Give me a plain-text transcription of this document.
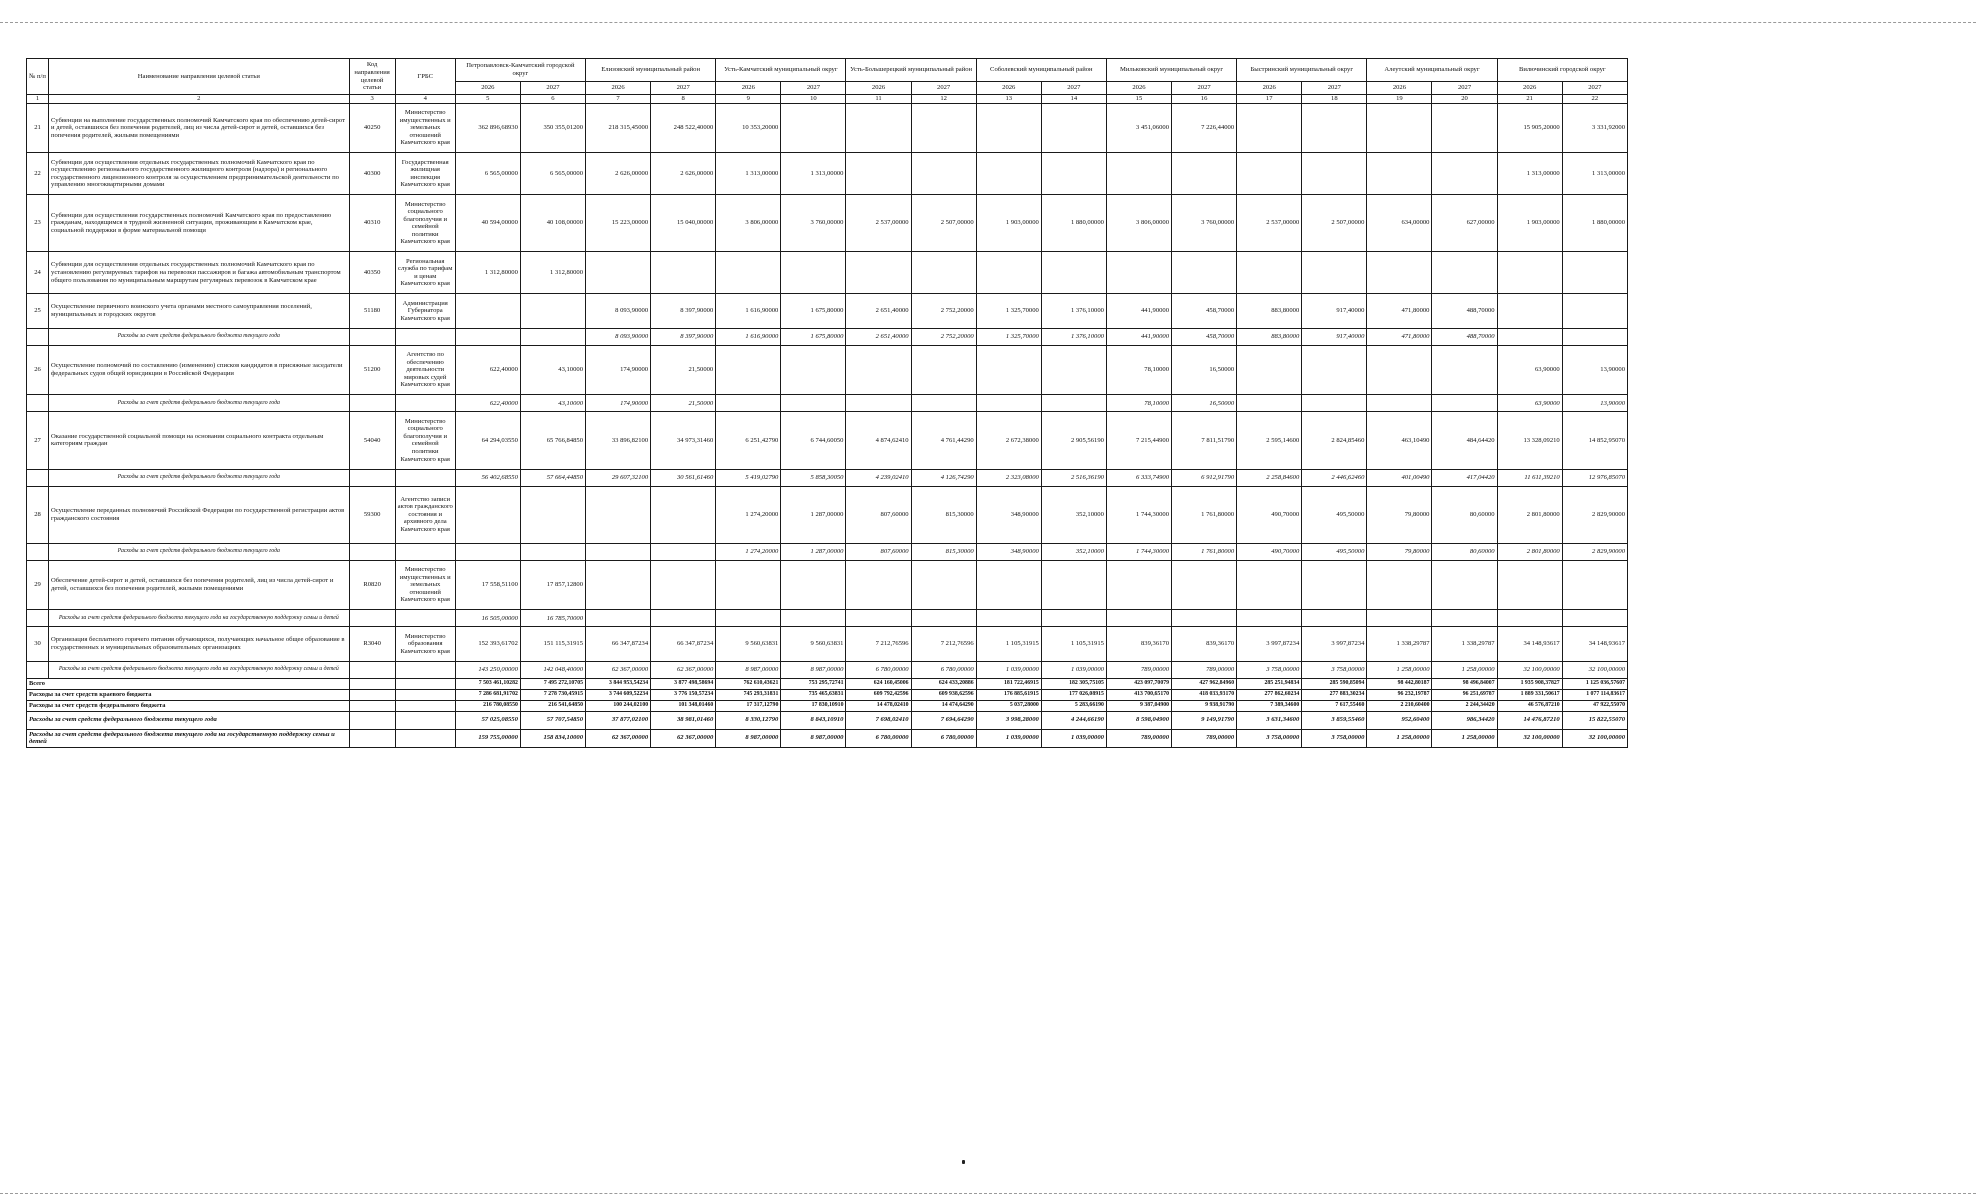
№ п/п	Наименование направления целевой статьи	Код направления целевой статьи	ГРБС	Петропавловск-Камчатский городской округ		Елизовский муниципальный район		Усть-Камчатский муниципальный округ		Усть-Большерецкий муниципальный район		Соболевский муниципальный район		Мильковский муниципальный округ		Быстринский муниципальный округ		Алеутский муниципальный округ		Вилючинский городской округ	
				2026	2027	2026	2027	2026	2027	2026	2027	2026	2027	2026	2027	2026	2027	2026	2027	2026	2027
1	2	3	4	5	6	7	8	9	10	11	12	13	14	15	16	17	18	19	20	21	22
21	Субвенции на выполнение государственных полномочий Камчатского края по обеспечению детей-сирот и детей, оставшихся без попечения родителей, лиц из числа детей-сирот и детей, оставшихся без попечения родителей, жилыми помещениями	40250	Министерство имущественных и земельных отношений Камчатского края	362 896,68930	350 355,01200	218 315,45000	248 522,40000	10 353,20000						3 451,06000	7 226,44000					15 905,20000	3 331,92000
22	Субвенции для осуществления отдельных государственных полномочий Камчатского края по осуществлению регионального государственного жилищного контроля (надзора) и регионального государственного лицензионного контроля за осуществлением предпринимательской деятельности по управлению многоквартирными домами	40300	Государственная жилищная инспекция Камчатского края	6 565,00000	6 565,00000	2 626,00000	2 626,00000	1 313,00000	1 313,00000											1 313,00000	1 313,00000
23	Субвенции для осуществления государственных полномочий Камчатского края по предоставлению гражданам, находящимся в трудной жизненной ситуации, проживающим в Камчатском крае, социальной поддержки в форме материальной помощи	40310	Министерство социального благополучия и семейной политики Камчатского края	40 594,00000	40 108,00000	15 223,00000	15 040,00000	3 806,00000	3 760,00000	2 537,00000	2 507,00000	1 903,00000	1 880,00000	3 806,00000	3 760,00000	2 537,00000	2 507,00000	634,00000	627,00000	1 903,00000	1 880,00000
24	Субвенции для осуществления отдельных государственных полномочий Камчатского края по установлению регулируемых тарифов на перевозки пассажиров и багажа автомобильным транспортом общего пользования по муниципальным маршрутам регулярных перевозок в Камчатском крае	40350	Региональная служба по тарифам и ценам Камчатского края	1 312,80000	1 312,80000																
25	Осуществление первичного воинского учета органами местного самоуправления поселений, муниципальных и городских округов	51180	Администрация Губернатора Камчатского края			8 093,90000	8 397,90000	1 616,90000	1 675,80000	2 651,40000	2 752,20000	1 325,70000	1 376,10000	441,90000	458,70000	883,80000	917,40000	471,80000	488,70000		
	Расходы за счет средств федерального бюджета текущего года					8 093,90000	8 397,90000	1 616,90000	1 675,80000	2 651,40000	2 752,20000	1 325,70000	1 376,10000	441,90000	458,70000	883,80000	917,40000	471,80000	488,70000		
26	Осуществление полномочий по составлению (изменению) списков кандидатов в присяжные заседатели федеральных судов общей юрисдикции в Российской Федерации	51200	Агентство по обеспечению деятельности мировых судей Камчатского края	622,40000	43,10000	174,90000	21,50000							78,10000	16,50000					63,90000	13,90000
	Расходы за счет средств федерального бюджета текущего года			622,40000	43,10000	174,90000	21,50000							78,10000	16,50000					63,90000	13,90000
27	Оказание государственной социальной помощи на основании социального контракта отдельным категориям граждан	54040	Министерство социального благополучия и семейной политики Камчатского края	64 294,03550	65 766,84850	33 896,82100	34 973,31460	6 251,42790	6 744,60050	4 874,62410	4 761,44290	2 672,38000	2 905,56190	7 215,44900	7 811,51790	2 595,14600	2 824,85460	463,10490	484,64420	13 328,09210	14 852,95070
	Расходы за счет средств федерального бюджета текущего года			56 402,68550	57 664,44850	29 607,32100	30 561,61460	5 419,02790	5 858,30050	4 239,02410	4 126,74290	2 323,08000	2 516,36190	6 333,74900	6 912,91790	2 258,84600	2 446,62460	401,00490	417,04420	11 611,39210	12 976,85070
28	Осуществление переданных полномочий Российской Федерации по государственной регистрации актов гражданского состояния	59300	Агентство записи актов гражданского состояния и архивного дела Камчатского края					1 274,20000	1 287,00000	807,60000	815,30000	348,90000	352,10000	1 744,30000	1 761,80000	490,70000	495,50000	79,80000	80,60000	2 801,80000	2 829,90000
	Расходы за счет средств федерального бюджета текущего года							1 274,20000	1 287,00000	807,60000	815,30000	348,90000	352,10000	1 744,30000	1 761,80000	490,70000	495,50000	79,80000	80,60000	2 801,80000	2 829,90000
29	Обеспечение детей-сирот и детей, оставшихся без попечения родителей, лиц из числа детей-сирот и детей, оставшихся без попечения родителей, жилыми помещениями	R0820	Министерство имущественных и земельных отношений Камчатского края	17 558,51100	17 857,12800																
	Расходы за счет средств федерального бюджета текущего года на государственную поддержку семьи и детей			16 505,00000	16 785,70000																
30	Организация бесплатного горячего питания обучающихся, получающих начальное общее образование в государственных и муниципальных образовательных организациях	R3040	Министерство образования Камчатского края	152 393,61702	151 115,31915	66 347,87234	66 347,87234	9 560,63831	9 560,63831	7 212,76596	7 212,76596	1 105,31915	1 105,31915	839,36170	839,36170	3 997,87234	3 997,87234	1 338,29787	1 338,29787	34 148,93617	34 148,93617
	Расходы за счет средств федерального бюджета текущего года на государственную поддержку семьи и детей			143 250,00000	142 048,40000	62 367,00000	62 367,00000	8 987,00000	8 987,00000	6 780,00000	6 780,00000	1 039,00000	1 039,00000	789,00000	789,00000	3 758,00000	3 758,00000	1 258,00000	1 258,00000	32 100,00000	32 100,00000
Всего				7 503 461,10282	7 495 272,10705	3 844 953,54234	3 877 498,58694	762 610,43621	753 295,72741	624 160,45006	624 433,20886	181 722,46915	182 305,75105	423 097,70079	427 962,84960	285 251,94834	285 590,85094	98 442,80187	98 496,84007	1 935 908,37827	1 125 036,57607
Расходы за счет средств краевого бюджета				7 286 681,91702	7 278 730,45915	3 744 609,52234	3 776 150,57234	745 293,31831	735 465,63831	609 792,42596	609 938,62596	176 885,61915	177 026,08915	413 700,65170	418 033,93170	277 862,60234	277 883,30234	96 232,19787	96 251,69787	1 889 331,50617	1 077 114,83617
Расходы за счет средств федерального бюджета				216 780,08550	216 541,64850	100 244,02100	101 348,01460	17 317,12790	17 830,10910	14 478,02410	14 474,64290	5 037,28000	5 283,66190	9 387,04900	9 938,91790	7 389,34600	7 617,55460	2 210,60400	2 244,34420	46 576,87210	47 922,55070
Расходы за счет средств федерального бюджета текущего года				57 025,08550	57 707,54850	37 877,02100	38 981,01460	8 330,12790	8 843,10910	7 698,02410	7 694,64290	3 998,28000	4 244,66190	8 598,04900	9 149,91790	3 631,34600	3 859,55460	952,60400	986,34420	14 476,87210	15 822,55070
Расходы за счет средств федерального бюджета текущего года на государственную поддержку семьи и детей				159 755,00000	158 834,10000	62 367,00000	62 367,00000	8 987,00000	8 987,00000	6 780,00000	6 780,00000	1 039,00000	1 039,00000	789,00000	789,00000	3 758,00000	3 758,00000	1 258,00000	1 258,00000	32 100,00000	32 100,00000
